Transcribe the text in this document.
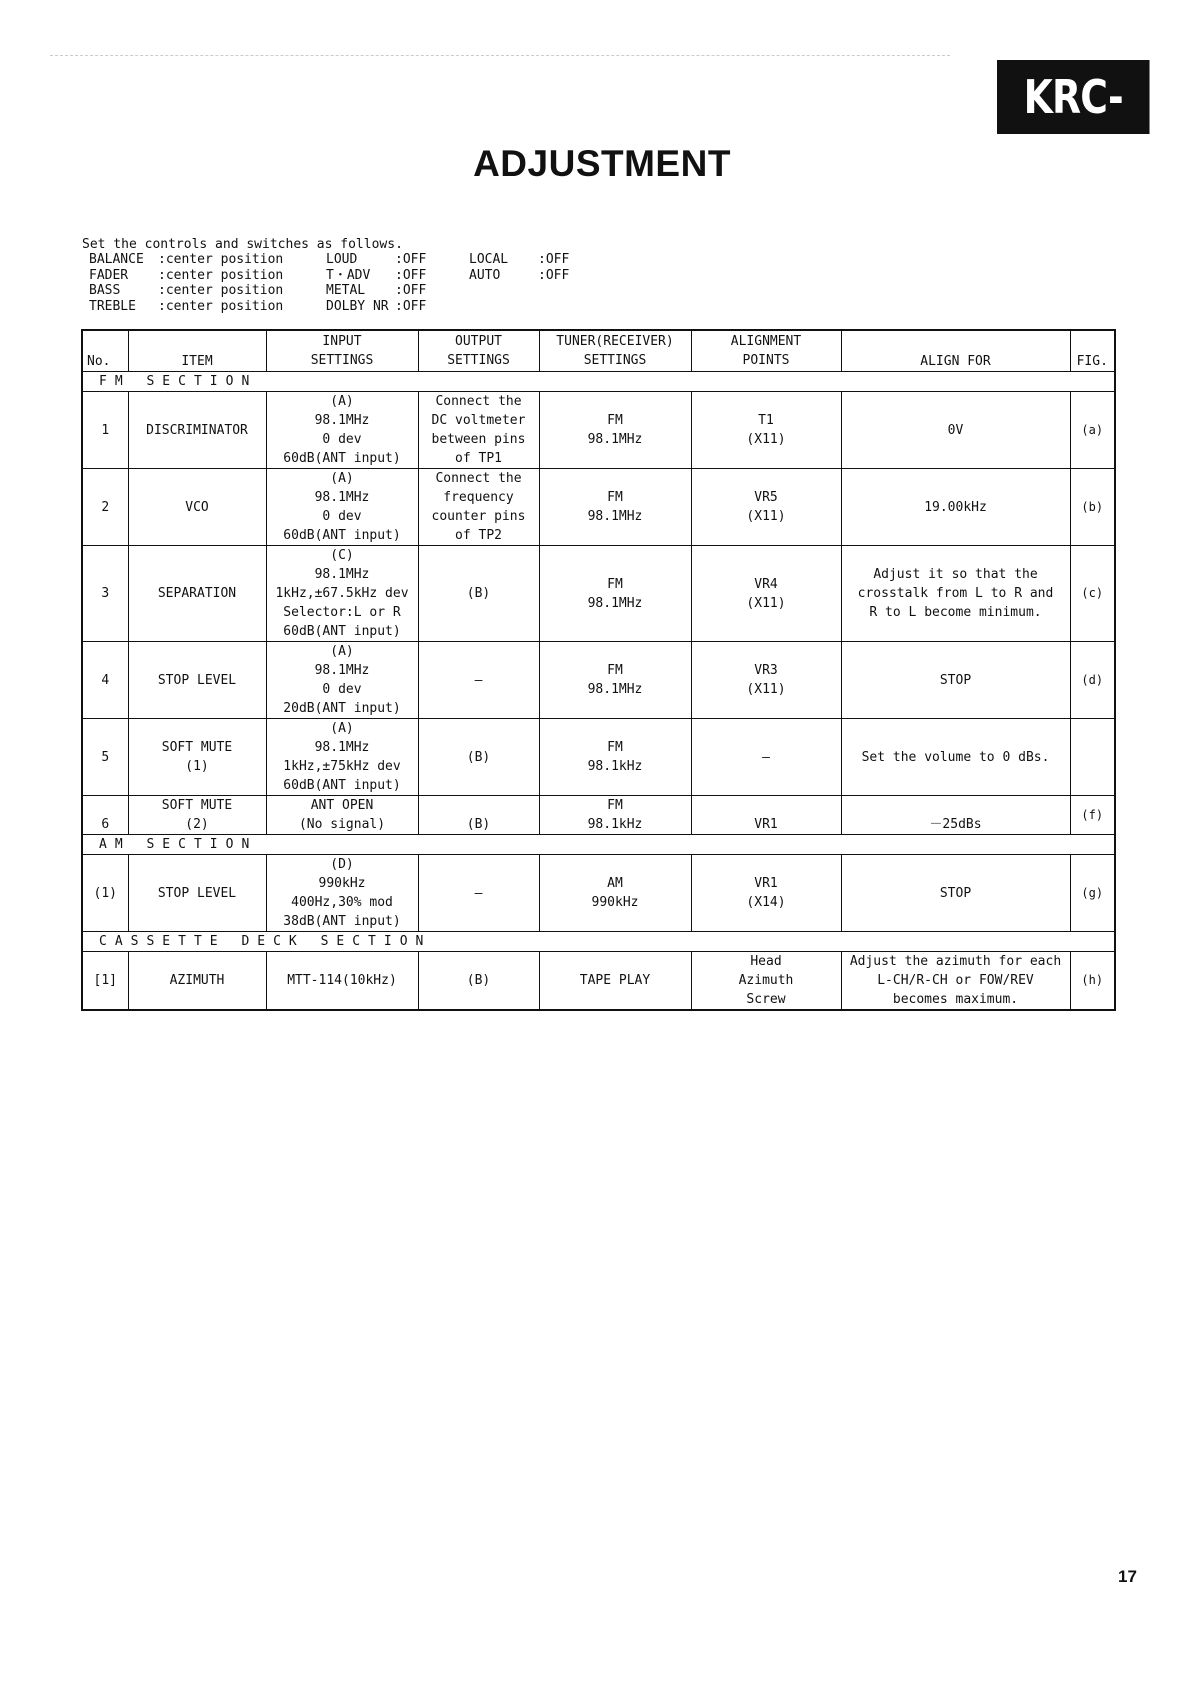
KRC-2001
ADJUSTMENT
Set the controls and switches as follows.
BALANCE :center position
FADER :center position
BASS	:center position
TREBLE :center position
LOUD	:OFF
T・ADV :OFF
METAL :OFF
DOLBY NR :OFF
LOCAL :OFF
AUTO	:OFF
No.	ITEM	INPUT
SETTINGS	OUTPUT
SETTINGS	TUNER(RECEIVER)
SETTINGS	ALIGNMENT
POINTS	ALIGN FOR	FIG.
FM SECTION							
1	DISCRIMINATOR	(A)
98.1MHz
0 dev
60dB(ANT input)	Connect the
DC voltmeter
between pins
of TP1	FM
98.1MHz	T1
(X11)	0V	(a)
2	VCO	(A)
98.1MHz
0 dev
60dB(ANT input)	Connect the
frequency
counter pins
of TP2	FM
98.1MHz	VR5
(X11)	19.00kHz	(b)
3	SEPARATION	(C)
98.1MHz
1kHz,±67.5kHz dev
Selector:L or R
60dB(ANT input)	(B)	FM
98.1MHz	VR4
(X11)	Adjust it so that the
crosstalk from L to R and
R to L become minimum.	(c)
4	STOP LEVEL	(A)
98.1MHz
0 dev
20dB(ANT input)	—	FM
98.1MHz	VR3
(X11)	STOP	(d)
5	SOFT MUTE
(1)	(A)
98.1MHz
1kHz,±75kHz dev
60dB(ANT input)	(B)	FM
98.1kHz	—	Set the volume to 0 dBs.	
6	SOFT MUTE
(2)	ANT OPEN
(No signal)	(B)	FM
98.1kHz	VR1	－25dBs	(f)
AM SECTION							
(1)	STOP LEVEL	(D)
990kHz
400Hz,30% mod
38dB(ANT input)	—	AM
990kHz	VR1
(X14)	STOP	(g)
CASSETTE DECK SECTION							
[1]	AZIMUTH	MTT-114(10kHz)	(B)	TAPE PLAY	Head
Azimuth
Screw	Adjust the azimuth for each
L-CH/R-CH or FOW/REV
becomes maximum.	(h)
17
